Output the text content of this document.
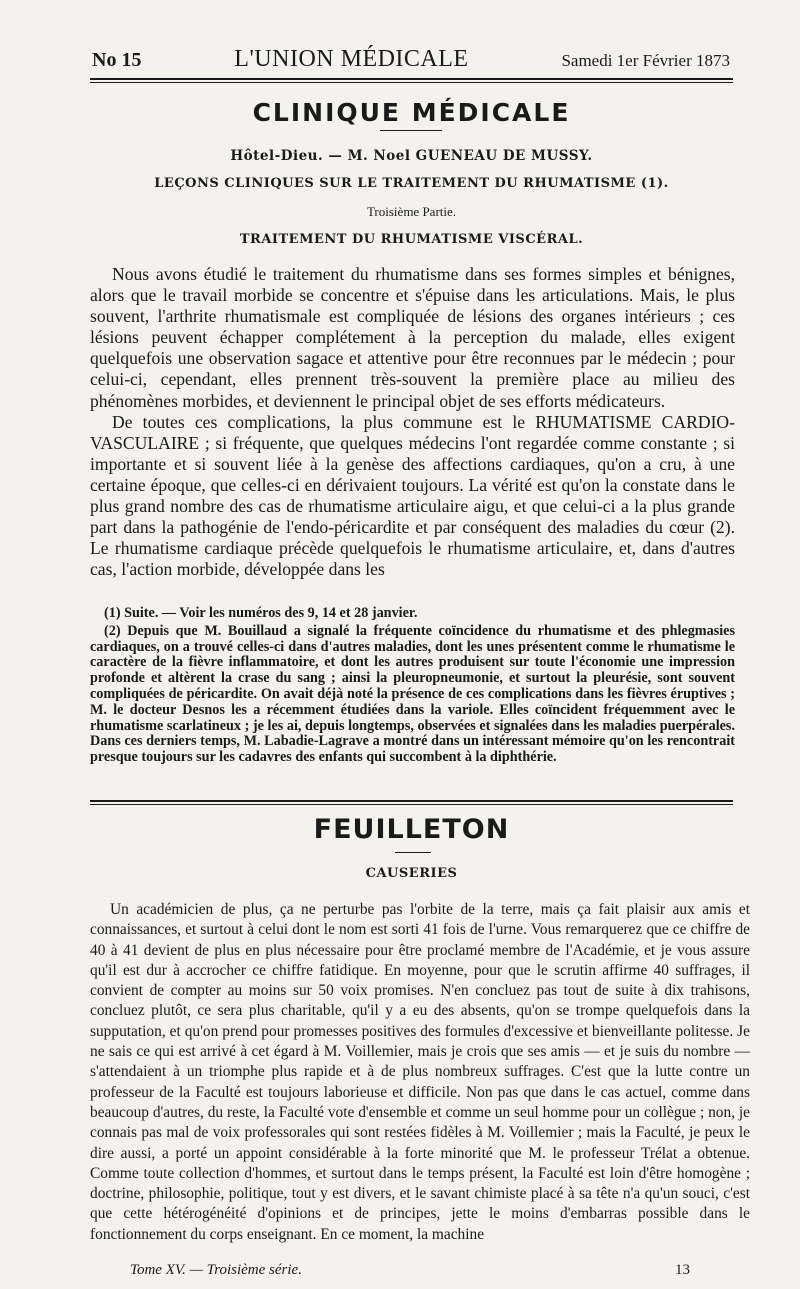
No 15	L'UNION MÉDICALE	Samedi 1er Février 1873
CLINIQUE MÉDICALE
Hôtel-Dieu. — M. Noel GUENEAU DE MUSSY.
LEÇONS CLINIQUES SUR LE TRAITEMENT DU RHUMATISME (1).
Troisième Partie.
TRAITEMENT DU RHUMATISME VISCÉRAL.

Nous avons étudié le traitement du rhumatisme dans ses formes simples et bénignes, alors que le travail morbide se concentre et s'épuise dans les articulations. Mais, le plus souvent, l'arthrite rhumatismale est compliquée de lésions des organes intérieurs ; ces lésions peuvent échapper complétement à la perception du malade, elles exigent quelquefois une observation sagace et attentive pour être reconnues par le médecin ; pour celui-ci, cependant, elles prennent très-souvent la première place au milieu des phénomènes morbides, et deviennent le principal objet de ses efforts médicateurs.

De toutes ces complications, la plus commune est le RHUMATISME CARDIO-VASCULAIRE ; si fréquente, que quelques médecins l'ont regardée comme constante ; si importante et si souvent liée à la genèse des affections cardiaques, qu'on a cru, à une certaine époque, que celles-ci en dérivaient toujours. La vérité est qu'on la constate dans le plus grand nombre des cas de rhumatisme articulaire aigu, et que celui-ci a la plus grande part dans la pathogénie de l'endo-péricardite et par conséquent des maladies du cœur (2). Le rhumatisme cardiaque précède quelquefois le rhumatisme articulaire, et, dans d'autres cas, l'action morbide, développée dans les

(1) Suite. — Voir les numéros des 9, 14 et 28 janvier.

(2) Depuis que M. Bouillaud a signalé la fréquente coïncidence du rhumatisme et des phlegmasies cardiaques, on a trouvé celles-ci dans d'autres maladies, dont les unes présentent comme le rhumatisme le caractère de la fièvre inflammatoire, et dont les autres produisent sur toute l'économie une impression profonde et altèrent la crase du sang ; ainsi la pleuropneumonie, et surtout la pleurésie, sont souvent compliquées de péricardite. On avait déjà noté la présence de ces complications dans les fièvres éruptives ; M. le docteur Desnos les a récemment étudiées dans la variole. Elles coïncident fréquemment avec le rhumatisme scarlatineux ; je les ai, depuis longtemps, observées et signalées dans les maladies puerpérales. Dans ces derniers temps, M. Labadie-Lagrave a montré dans un intéressant mémoire qu'on les rencontrait presque toujours sur les cadavres des enfants qui succombent à la diphthérie.

FEUILLETON
CAUSERIES

Un académicien de plus, ça ne perturbe pas l'orbite de la terre, mais ça fait plaisir aux amis et connaissances, et surtout à celui dont le nom est sorti 41 fois de l'urne. Vous remarquerez que ce chiffre de 40 à 41 devient de plus en plus nécessaire pour être proclamé membre de l'Académie, et je vous assure qu'il est dur à accrocher ce chiffre fatidique. En moyenne, pour que le scrutin affirme 40 suffrages, il convient de compter au moins sur 50 voix promises. N'en concluez pas tout de suite à dix trahisons, concluez plutôt, ce sera plus charitable, qu'il y a eu des absents, qu'on se trompe quelquefois dans la supputation, et qu'on prend pour promesses positives des formules d'excessive et bienveillante politesse. Je ne sais ce qui est arrivé à cet égard à M. Voillemier, mais je crois que ses amis — et je suis du nombre — s'attendaient à un triomphe plus rapide et à de plus nombreux suffrages. C'est que la lutte contre un professeur de la Faculté est toujours laborieuse et difficile. Non pas que dans le cas actuel, comme dans beaucoup d'autres, du reste, la Faculté vote d'ensemble et comme un seul homme pour un collègue ; non, je connais pas mal de voix professorales qui sont restées fidèles à M. Voillemier ; mais la Faculté, je peux le dire aussi, a porté un appoint considérable à la forte minorité que M. le professeur Trélat a obtenue. Comme toute collection d'hommes, et surtout dans le temps présent, la Faculté est loin d'être homogène ; doctrine, philosophie, politique, tout y est divers, et le savant chimiste placé à sa tête n'a qu'un souci, c'est que cette hétérogénéité d'opinions et de principes, jette le moins d'embarras possible dans le fonctionnement du corps enseignant. En ce moment, la machine

Tome XV. — Troisième série.	13
